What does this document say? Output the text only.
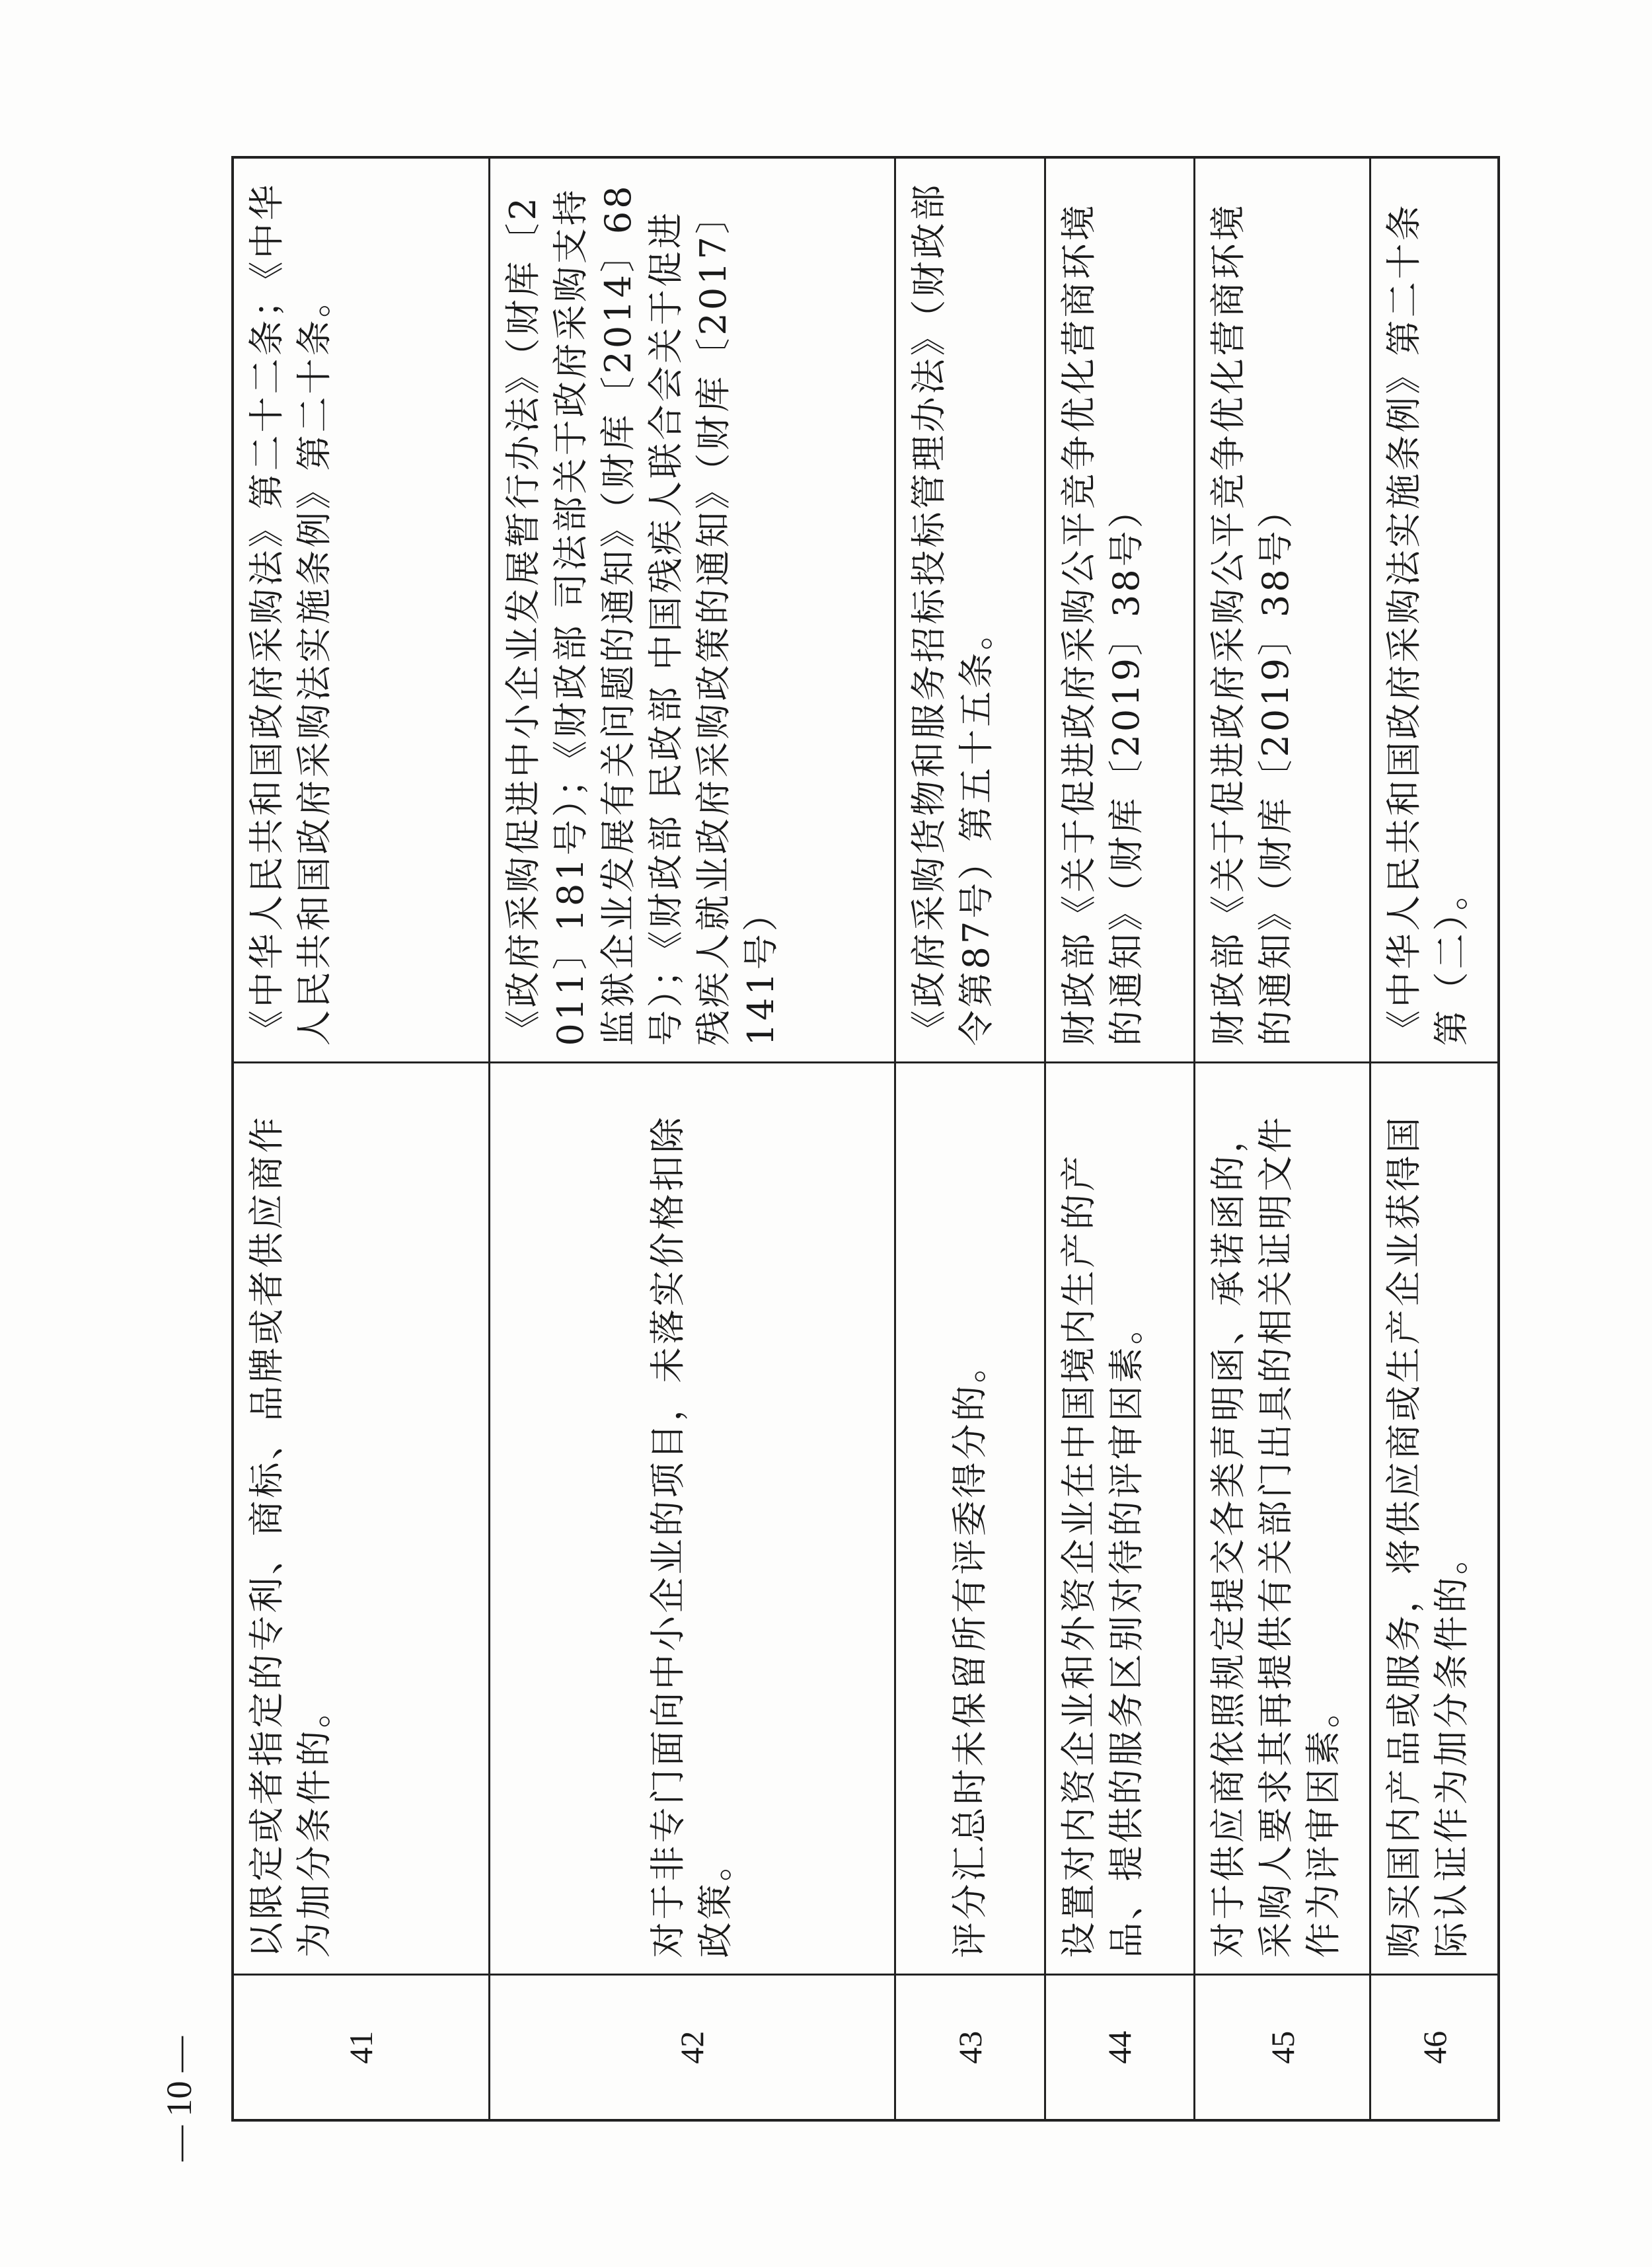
41	以限定或者指定的专利、商标、品牌或者供应商作为加分条件的。	《中华人民共和国政府采购法》第二十二条；《中华人民共和国政府采购法实施条例》第二十条。
42	对于非专门面向中小企业的项目，未落实价格扣除政策。	《政府采购促进中小企业发展暂行办法》（财库〔2011〕181号）；《财政部 司法部关于政府采购支持监狱企业发展有关问题的通知》（财库〔2014〕68号）；《财政部 民政部 中国残疾人联合会关于促进残疾人就业政府采购政策的通知》（财库〔2017〕141号）
43	评分汇总时未保留所有评委得分的。	《政府采购货物和服务招标投标管理办法》（财政部令第87号）第五十五条。
44	设置对内资企业和外资企业在中国境内生产的产品、提供的服务区别对待的评审因素。	财政部《关于促进政府采购公平竞争优化营商环境的通知》（财库〔2019〕38号）
45	对于供应商依照规定提交各类声明函、承诺函的，采购人要求其再提供有关部门出具的相关证明文件作为评审因素。	财政部《关于促进政府采购公平竞争优化营商环境的通知》（财库〔2019〕38号）
46	购买国内产品或服务，将供应商或生产企业获得国际认证作为加分条件的。	《中华人民共和国政府采购法实施条例》第二十条第（二）。
— 10 —
